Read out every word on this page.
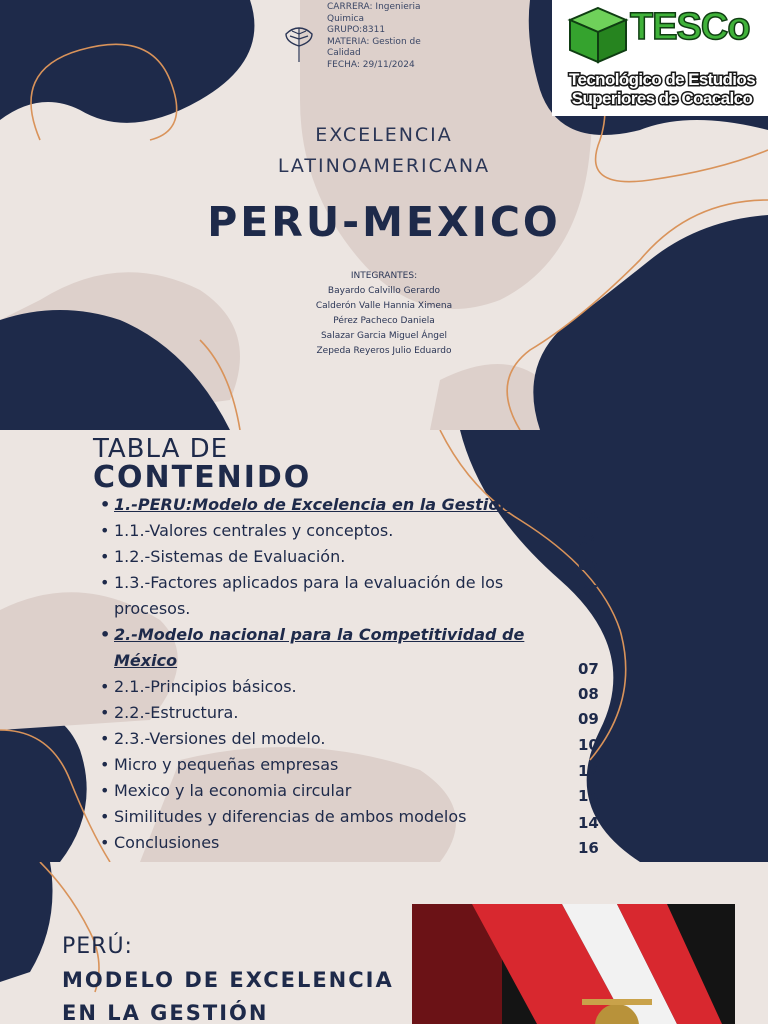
CARRERA: Ingenieria Quimica
GRUPO:8311
MATERIA: Gestion de Calidad
FECHA: 29/11/2024
TESCo
Tecnológico de Estudios
Superiores de Coacalco
EXCELENCIA
LATINOAMERICANA
PERU-MEXICO
INTEGRANTES:
Bayardo Calvillo Gerardo
Calderón Valle Hannia Ximena
Pérez Pacheco Daniela
Salazar Garcia Miguel Ángel
Zepeda Reyeros Julio Eduardo
TABLA DE
CONTENIDO
• 1.-PERU:Modelo de Excelencia en la Gestion
• 1.1.-Valores centrales y conceptos.
• 1.2.-Sistemas de Evaluación.
• 1.3.-Factores aplicados para la evaluación de los procesos.
• 2.-Modelo nacional para la Competitividad de México
• 2.1.-Principios básicos.
• 2.2.-Estructura.
• 2.3.-Versiones del modelo.
• Micro y pequeñas empresas
• Mexico y la economia circular
• Similitudes y diferencias de ambos modelos
• Conclusiones
03
04
05
06
07
08
09
10
12
13
14
16
PERÚ:
MODELO DE EXCELENCIA
EN LA GESTIÓN
